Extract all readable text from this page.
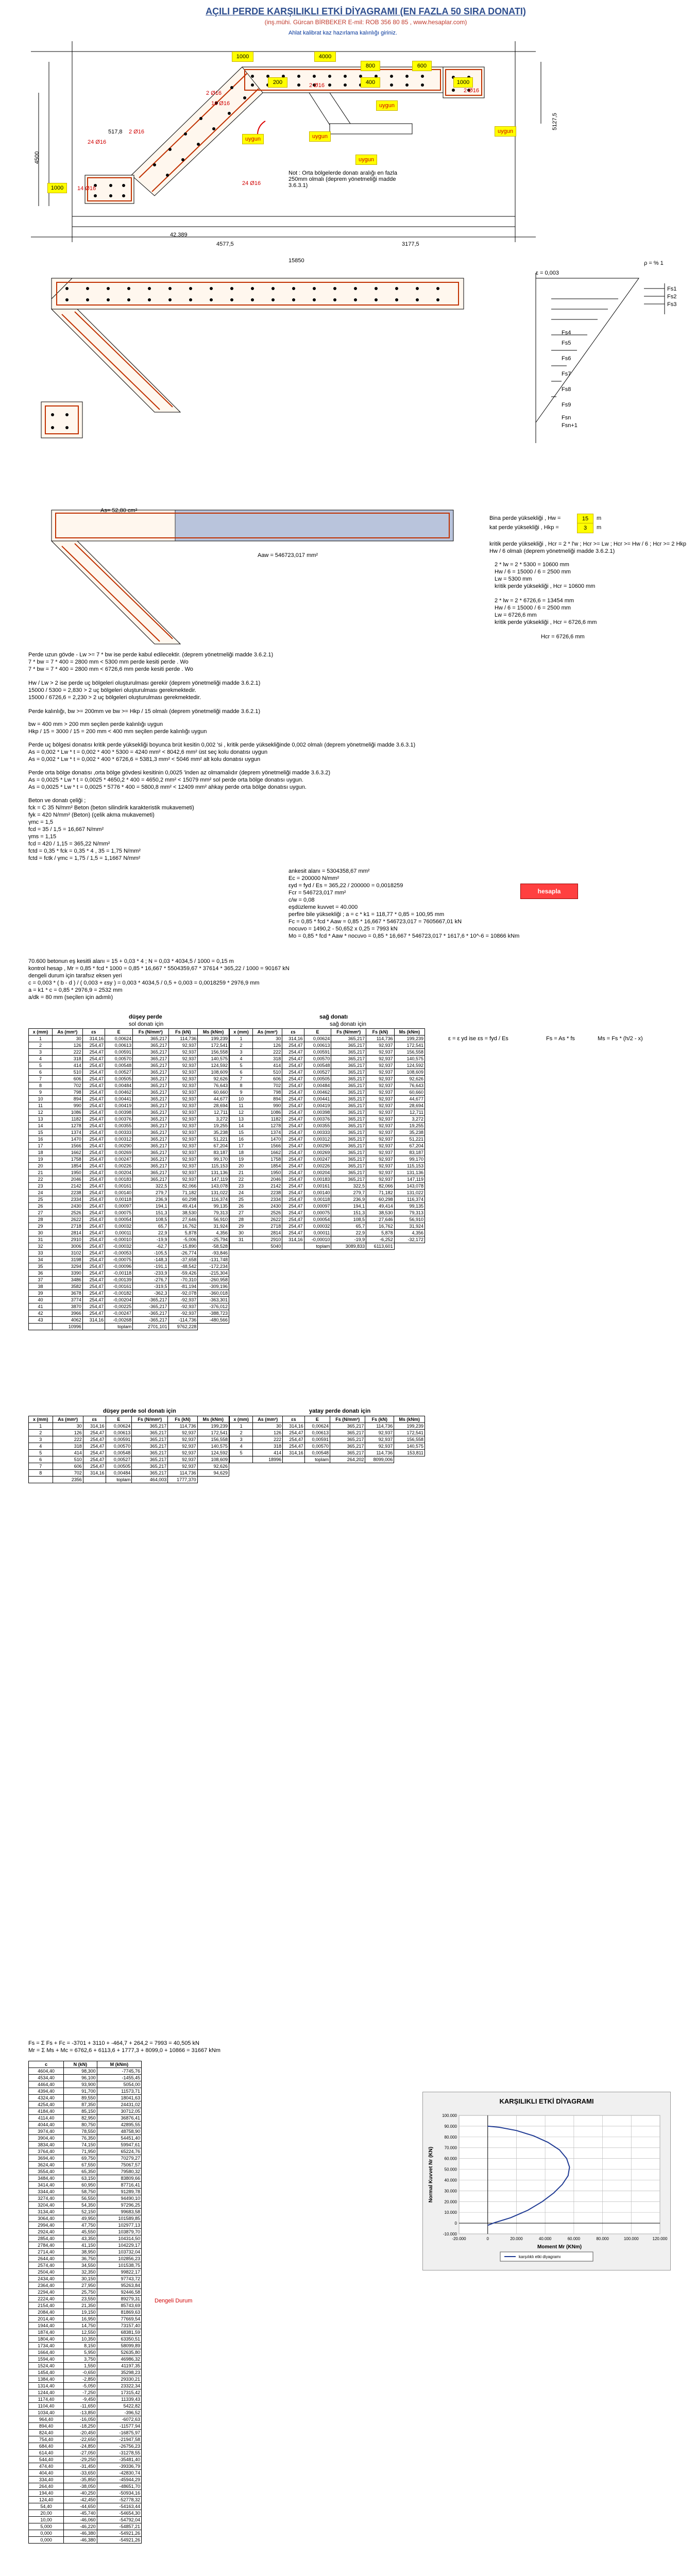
AÇILI PERDE KARŞILIKLI ETKİ DİYAGRAMI (EN FAZLA 50 SIRA DONATI)
(inş.mühi. Gürcan BİRBEKER E-mil: ROB 356 80 85 , www.hesaplar.com)
Ahlat kalibrat kaz hazırlama kalınlığı giriniz.
1000	4000
800	600
200	400	1000
2 Ø16
2 Ø16
2 Ø16
24 Ø16
16 Ø16
2 Ø16
14 Ø16
24 Ø16
517,8
4500
1000
42,389
4577,5	3177,5
15850
5127,5
Not : Orta bölgelerde donatı aralığı en fazla 250mm olmalı (deprem yönetmeliği madde 3.6.3.1)
uygun
uygun
uygun
uygun
uygun
ε = 0,003
ρ = % 1
Fs1
Fs2
Fs3
Fs4
Fs5
Fs6
Fs7
Fs8
Fs9
Fsn
Fsn+1
As= 52,80 cm²
Aaw = 546723,017 mm²
Bina perde yüksekliği , Hw =	15	m
kat perde yüksekliği , Hkp =	3	m
kritik perde yüksekliği , Hcr = 2 * l'w ; Hcr >= Lw ; Hcr >= Hw / 6 ; Hcr >= 2 Hkp
Hw / 6 olmalı (deprem yönetmeliği madde 3.6.2.1)
2 * lw = 2 * 5300 = 10600 mm
Hw / 6 = 15000 / 6 = 2500 mm
Lw = 5300 mm
kritik perde yüksekliği , Hcr = 10600 mm
2 * lw = 2 * 6726,6 = 13454 mm
Hw / 6 = 15000 / 6 = 2500 mm
Lw = 6726,6 mm
kritik perde yüksekliği , Hcr = 6726,6 mm
Hcr = 6726,6 mm
Perde uzun gövde - Lw >= 7 * bw ise perde kabul edilecektir. (deprem yönetmeliği madde 3.6.2.1)
7 * bw = 7 * 400 = 2800 mm < 5300 mm perde kesiti perde . Wo
7 * bw = 7 * 400 = 2800 mm < 6726,6 mm perde kesiti perde . Wo
Hw / Lw > 2 ise perde uç bölgeleri oluşturulması gerekir (deprem yönetmeliği madde 3.6.2.1)
15000 / 5300 = 2,830 > 2 uç bölgeleri oluşturulması gerekmektedir.
15000 / 6726,6 = 2,230 > 2 uç bölgeleri oluşturulması gerekmektedir.
Perde kalınlığı, bw >= 200mm ve bw >= Hkp / 15 olmalı (deprem yönetmeliği madde 3.6.2.1)
bw = 400 mm > 200 mm seçilen perde kalınlığı uygun
Hkp / 15 = 3000 / 15 = 200 mm < 400 mm seçilen perde kalınlığı uygun
Perde uç bölgesi donatısı kritik perde yüksekliği boyunca brüt kesitin 0,002 'si , kritik perde yüksekliğinde 0,002 olmalı (deprem yönetmeliği madde 3.6.3.1)
As = 0,002 * Lw * t = 0,002 * 400 * 5300 = 4240 mm² < 8042,6 mm² üst seç kolu donatısı uygun
As = 0,002 * Lw * t = 0,002 * 400 * 6726,6 = 5381,3 mm² < 5046 mm² alt kolu donatısı uygun
Perde orta bölge donatısı ,orta bölge gövdesi kesitinin 0,0025 'inden az olmamalıdır (deprem yönetmeliği madde 3.6.3.2)
As = 0,0025 * Lw * t = 0,0025 * 4650,2 * 400 = 4650,2 mm² < 15079 mm² sol perde orta bölge donatısı uygun.
As = 0,0025 * Lw * t = 0,0025 * 5776 * 400 = 5800,8 mm² < 12409 mm² ahkay perde orta bölge donatısı uygun.
Beton ve donatı çeliği ;
fck = C 35 N/mm² Beton (beton silindirik karakteristik mukavemeti)
fyk = 420 N/mm² (Beton) (çelik akma mukavemeti)
γmc = 1,5
fcd = 35 / 1,5 = 16,667 N/mm²
γms = 1,15
fcd = 420 / 1,15 = 365,22 N/mm²
fctd = 0,35 * fck = 0,35 * 4 , 35 = 1,75 N/mm²
fctd = fctk / γmc = 1,75 / 1,5 = 1,1667 N/mm²
70.600 betonun eş kesitli alanı = 15 + 0,03 * 4 ; N = 0,03 * 4034,5 / 1000 = 0,15 m
kontrol hesap , Mr = 0,85 * fcd * 1000 = 0,85 * 16,667 * 5504359,67 * 37614 * 365,22 / 1000 = 90167 kN
dengeli durum için tarafsız eksen yeri
c = 0,003 * ( b - d ) / ( 0,003 + εsy ) = 0,003 * 4034,5 / 0,5 + 0,003 = 0,0018259 * 2976,9 mm
a = k1 * c = 0,85 * 2976,9 = 2532 mm
a/dk = 80 mm (seçilen için adımlı)
ankesit alanı = 5304358,67 mm²
Ec = 200000 N/mm²
εyd = fyd / Es = 365,22 / 200000 = 0,0018259
Fcr = 546723,017 mm²
c/w = 0,08
eşdüzleme kuvvet = 40.000
perfire bile yüksekliği ; a = c * k1 = 118,77 * 0,85 = 100,95 mm
Fc = 0,85 * fcd * Aaw = 0,85 * 16,667 * 546723,017 = 7605667,01 kN
nocuvo = 1490,2 - 50,652 x 0,25 = 7993 kN
Mo = 0,85 * fcd * Aaw * nocuvo = 0,85 * 16,667 * 546723,017 * 1617,6 * 10^-6 = 10866 kNm
hesapla
düşey perde	sağ donatı
sol donatı için	sağ donatı için
x (mm)	As (mm²)	εs	E	Fs (N/mm²)	Fs (kN)	Ms (kNm)
1	30	314,16	0,00624	365,217	114,736	199,239
2	126	254,47	0,00613	365,217	92,937	172,541
3	222	254,47	0,00591	365,217	92,937	156,558
4	318	254,47	0,00570	365,217	92,937	140,575
5	414	254,47	0,00548	365,217	92,937	124,592
6	510	254,47	0,00527	365,217	92,937	108,609
7	606	254,47	0,00505	365,217	92,937	92,626
8	702	254,47	0,00484	365,217	92,937	76,643
9	798	254,47	0,00462	365,217	92,937	60,660
10	894	254,47	0,00441	365,217	92,937	44,677
11	990	254,47	0,00419	365,217	92,937	28,694
12	1086	254,47	0,00398	365,217	92,937	12,711
13	1182	254,47	0,00376	365,217	92,937	3,272
14	1278	254,47	0,00355	365,217	92,937	19,255
15	1374	254,47	0,00333	365,217	92,937	35,238
16	1470	254,47	0,00312	365,217	92,937	51,221
17	1566	254,47	0,00290	365,217	92,937	67,204
18	1662	254,47	0,00269	365,217	92,937	83,187
19	1758	254,47	0,00247	365,217	92,937	99,170
20	1854	254,47	0,00226	365,217	92,937	115,153
21	1950	254,47	0,00204	365,217	92,937	131,136
22	2046	254,47	0,00183	365,217	92,937	147,119
23	2142	254,47	0,00161	322,5	82,066	143,078
24	2238	254,47	0,00140	279,7	71,182	131,022
25	2334	254,47	0,00118	236,9	60,298	116,374
26	2430	254,47	0,00097	194,1	49,414	99,135
27	2526	254,47	0,00075	151,3	38,530	79,313
28	2622	254,47	0,00054	108,5	27,646	56,910
29	2718	254,47	0,00032	65,7	16,762	31,924
30	2814	254,47	0,00011	22,9	5,878	4,356
31	2910	254,47	-0,00010	-19,9	-5,006	-25,794
32	3006	254,47	-0,00032	-62,7	-15,890	-58,528
33	3102	254,47	-0,00053	-105,5	-26,774	-93,846
34	3198	254,47	-0,00075	-148,3	-37,658	-131,748
35	3294	254,47	-0,00096	-191,1	-48,542	-172,234
36	3390	254,47	-0,00118	-233,9	-59,426	-215,304
37	3486	254,47	-0,00139	-276,7	-70,310	-260,958
38	3582	254,47	-0,00161	-319,5	-81,194	-309,196
39	3678	254,47	-0,00182	-362,3	-92,078	-360,018
40	3774	254,47	-0,00204	-365,217	-92,937	-363,301
41	3870	254,47	-0,00225	-365,217	-92,937	-376,012
42	3966	254,47	-0,00247	-365,217	-92,937	-388,723
43	4062	314,16	-0,00268	-365,217	-114,736	-480,566
	10996		toplam	2701,101	9762,228	
x (mm)	As (mm²)	εs	E	Fs (N/mm²)	Fs (kN)	Ms (kNm)
1	30	314,16	0,00624	365,217	114,736	199,239
2	126	254,47	0,00613	365,217	92,937	172,541
3	222	254,47	0,00591	365,217	92,937	156,558
4	318	254,47	0,00570	365,217	92,937	140,575
5	414	254,47	0,00548	365,217	92,937	124,592
6	510	254,47	0,00527	365,217	92,937	108,609
7	606	254,47	0,00505	365,217	92,937	92,626
8	702	254,47	0,00484	365,217	92,937	76,643
9	798	254,47	0,00462	365,217	92,937	60,660
10	894	254,47	0,00441	365,217	92,937	44,677
11	990	254,47	0,00419	365,217	92,937	28,694
12	1086	254,47	0,00398	365,217	92,937	12,711
13	1182	254,47	0,00376	365,217	92,937	3,272
14	1278	254,47	0,00355	365,217	92,937	19,255
15	1374	254,47	0,00333	365,217	92,937	35,238
16	1470	254,47	0,00312	365,217	92,937	51,221
17	1566	254,47	0,00290	365,217	92,937	67,204
18	1662	254,47	0,00269	365,217	92,937	83,187
19	1758	254,47	0,00247	365,217	92,937	99,170
20	1854	254,47	0,00226	365,217	92,937	115,153
21	1950	254,47	0,00204	365,217	92,937	131,136
22	2046	254,47	0,00183	365,217	92,937	147,119
23	2142	254,47	0,00161	322,5	82,066	143,078
24	2238	254,47	0,00140	279,7	71,182	131,022
25	2334	254,47	0,00118	236,9	60,298	116,374
26	2430	254,47	0,00097	194,1	49,414	99,135
27	2526	254,47	0,00075	151,3	38,530	79,313
28	2622	254,47	0,00054	108,5	27,646	56,910
29	2718	254,47	0,00032	65,7	16,762	31,924
30	2814	254,47	0,00011	22,9	5,878	4,356
31	2910	314,16	-0,00010	-19,9	-6,252	-32,172
	5040		toplam	3089,833	6113,601	
ε = ε yd ise εs = fyd / Es	Fs = As * fs	Ms = Fs * (h/2 - x)
düşey perde sol donatı için	yatay perde donatı için
x (mm)	As (mm²)	εs	E	Fs (N/mm²)	Fs (kN)	Ms (kNm)
1	30	314,16	0,00624	365,217	114,736	199,239
2	126	254,47	0,00613	365,217	92,937	172,541
3	222	254,47	0,00591	365,217	92,937	156,558
4	318	254,47	0,00570	365,217	92,937	140,575
5	414	254,47	0,00548	365,217	92,937	124,592
6	510	254,47	0,00527	365,217	92,937	108,609
7	606	254,47	0,00505	365,217	92,937	92,626
8	702	314,16	0,00484	365,217	114,736	94,629
	2356		toplam	464,003	1777,370	
x (mm)	As (mm²)	εs	E	Fs (N/mm²)	Fs (kN)	Ms (kNm)
1	30	314,16	0,00624	365,217	114,736	199,239
2	126	254,47	0,00613	365,217	92,937	172,541
3	222	254,47	0,00591	365,217	92,937	156,558
4	318	254,47	0,00570	365,217	92,937	140,575
5	414	314,16	0,00548	365,217	114,736	153,811
	18996		toplam	264,202	8099,006	
Fs = Σ Fs + Fc = -3701 + 3110 + -464,7 + 264,2 = 7993 = 40,505 kN
Mr = Σ Ms + Mc = 6762,6 + 6113,6 + 1777,3 + 8099,0 + 10866 = 31667 kNm
c	N (kN)	M (kNm)
4604,40	98,300	-7745,76
4534,40	96,100	-1455,45
4464,40	93,900	5054,00
4394,40	91,700	11573,71
4324,40	89,550	18041,63
4254,40	87,350	24431,02
4184,40	85,150	30712,05
4114,40	82,950	36876,41
4044,40	80,750	42895,55
3974,40	78,550	48758,90
3904,40	76,350	54451,40
3834,40	74,150	59947,61
3764,40	71,950	65224,76
3694,40	69,750	70279,27
3624,40	67,550	75067,57
3554,40	65,350	79580,32
3484,40	63,150	83809,66
3414,40	60,950	87716,41
3344,40	58,750	91289,78
3274,40	56,550	94490,10
3204,40	54,350	97296,25
3134,40	52,150	99683,58
3064,40	49,950	101589,85
2994,40	47,750	102977,13
2924,40	45,550	103879,70
2854,40	43,350	104314,50
2784,40	41,150	104229,17
2714,40	38,950	103732,04
2644,40	36,750	102856,23
2574,40	34,550	101538,75
2504,40	32,350	99822,17
2434,40	30,150	97743,72
2364,40	27,950	95263,84
2294,40	25,750	92446,58
2224,40	23,550	89279,31
2154,40	21,350	85743,69
2084,40	19,150	81869,63
2014,40	16,950	77669,54
1944,40	14,750	73157,40
1874,40	12,550	68381,59
1804,40	10,350	63350,51
1734,40	8,150	58099,89
1664,40	5,950	52635,80
1594,40	3,750	46986,32
1524,40	1,550	41197,35
1454,40	-0,650	35298,23
1384,40	-2,850	29330,21
1314,40	-5,050	23322,34
1244,40	-7,250	17315,42
1174,40	-9,450	11339,43
1104,40	-11,650	5422,82
1034,40	-13,850	-396,52
964,40	-16,050	-6072,63
894,40	-18,250	-11577,94
824,40	-20,450	-16875,97
754,40	-22,650	-21947,58
684,40	-24,850	-26756,23
614,40	-27,050	-31278,55
544,40	-29,250	-35481,40
474,40	-31,450	-39336,79
404,40	-33,650	-42830,74
334,40	-35,850	-45944,29
264,40	-38,050	-48651,70
194,40	-40,250	-50934,16
124,40	-42,450	-52778,32
54,40	-44,650	-54163,44
20,00	-45,740	-54654,30
10,00	-46,060	-54792,04
5,000	-46,220	-54857,21
0,000	-46,380	-54921,26
0,000	-46,380	-54921,26
Dengeli Durum
KARŞILIKLI ETKİ DİYAGRAMI
-10.000
0
10.000
20.000
30.000
40.000
50.000
60.000
70.000
80.000
90.000
100.000
-20.000	0	20.000	40.000	60.000	80.000	100.000	120.000
Moment Mr (KNm)
Normal Kuvvet Nr (KN)
karşılıklı etki diyagramı
